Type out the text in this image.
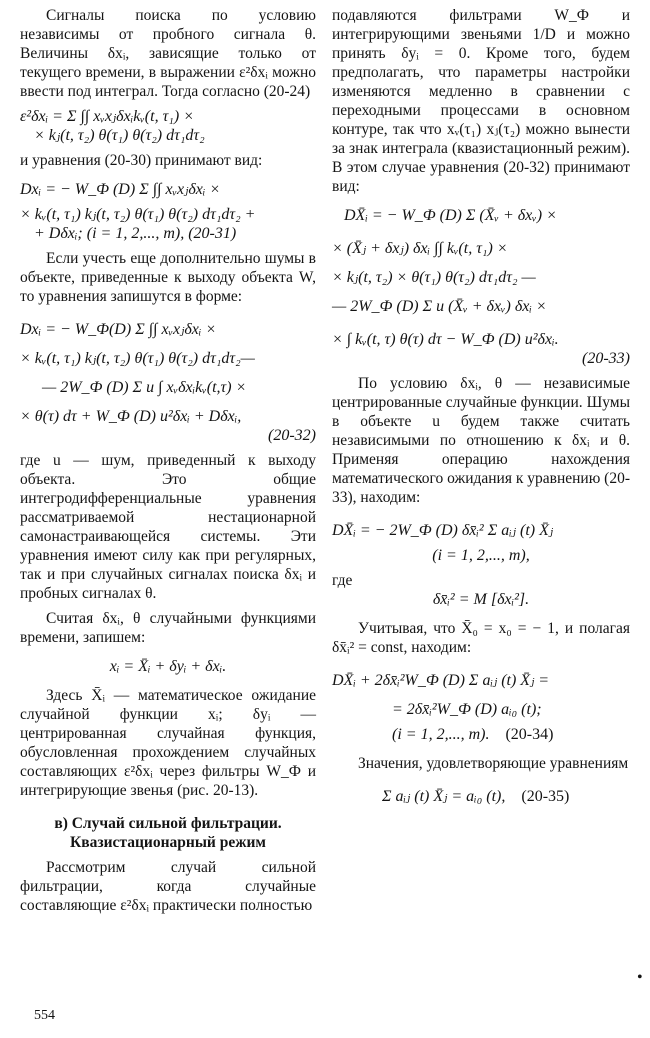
Сигналы поиска по условию независимы от пробного сигнала θ. Величины δxᵢ, зависящие только от текущего времени, в выражении ε²δxᵢ можно ввести под интеграл. Тогда согласно (20-24)

ε²δxᵢ = Σ ∫∫ xᵥxⱼδxᵢkᵥ(t, τ₁) ×

× kⱼ(t, τ₂) θ(τ₁) θ(τ₂) dτ₁dτ₂

и уравнения (20-30) принимают вид:

Dxᵢ = − W_Ф (D) Σ ∫∫ xᵥxⱼδxᵢ ×

× kᵥ(t, τ₁) kⱼ(t, τ₂) θ(τ₁) θ(τ₂) dτ₁dτ₂ +

+ Dδxᵢ; (i = 1, 2,..., m), (20-31)

Если учесть еще дополнительно шумы в объекте, приведенные к выходу объекта W, то уравнения запишутся в форме:

Dxᵢ = − W_Ф(D) Σ ∫∫ xᵥxⱼδxᵢ ×

× kᵥ(t, τ₁) kⱼ(t, τ₂) θ(τ₁) θ(τ₂) dτ₁dτ₂—

— 2W_Ф (D) Σ u ∫ xᵥδxᵢkᵥ(t,τ) ×

× θ(τ) dτ + W_Ф (D) u²δxᵢ + Dδxᵢ,

(20-32)

где u — шум, приведенный к выходу объекта. Это общие интегродифференциальные уравнения рассматриваемой нестационарной самонастраивающейся системы. Эти уравнения имеют силу как при регулярных, так и при случайных сигналах поиска δxᵢ и пробных сигналах θ.

Считая δxᵢ, θ случайными функциями времени, запишем:

xᵢ = X̄ᵢ + δyᵢ + δxᵢ.

Здесь X̄ᵢ — математическое ожидание случайной функции xᵢ; δyᵢ — центрированная случайная функция, обусловленная прохождением случайных составляющих ε²δxᵢ через фильтры W_Ф и интегрирующие звенья (рис. 20-13).

в) Случай сильной фильтрации.

Квазистационарный режим

Рассмотрим случай сильной фильтрации, когда случайные составляющие ε²δxᵢ практически полностью

подавляются фильтрами W_Ф и интегрирующими звеньями 1/D и можно принять δyᵢ = 0. Кроме того, будем предполагать, что параметры настройки изменяются медленно в сравнении с переходными процессами в основном контуре, так что xᵥ(τ₁) xⱼ(τ₂) можно вынести за знак интеграла (квазистационный режим). В этом случае уравнения (20-32) принимают вид:

DX̄ᵢ = − W_Ф (D) Σ (X̄ᵥ + δxᵥ) ×

× (X̄ⱼ + δxⱼ) δxᵢ ∫∫ kᵥ(t, τ₁) ×

× kⱼ(t, τ₂) × θ(τ₁) θ(τ₂) dτ₁dτ₂ —

— 2W_Ф (D) Σ u (X̄ᵥ + δxᵥ) δxᵢ ×

× ∫ kᵥ(t, τ) θ(τ) dτ − W_Ф (D) u²δxᵢ.

(20-33)

По условию δxᵢ, θ — независимые центрированные случайные функции. Шумы в объекте u будем также считать независимыми по отношению к δxᵢ и θ. Применяя операцию нахождения математического ожидания к уравнению (20-33), находим:

DX̄ᵢ = − 2W_Ф (D) δx̄ᵢ² Σ aᵢⱼ (t) X̄ⱼ

(i = 1, 2,..., m),

где

δx̄ᵢ² = M [δxᵢ²].

Учитывая, что X̄₀ = x₀ = − 1, и полагая δx̄ᵢ² = const, находим:

DX̄ᵢ + 2δx̄ᵢ²W_Ф (D) Σ aᵢⱼ (t) X̄ⱼ =

= 2δx̄ᵢ²W_Ф (D) aᵢ₀ (t);

(i = 1, 2,..., m). (20-34)

Значения, удовлетворяющие уравнениям

Σ aᵢⱼ (t) X̄ⱼ = aᵢ₀ (t), (20-35)

554
•
